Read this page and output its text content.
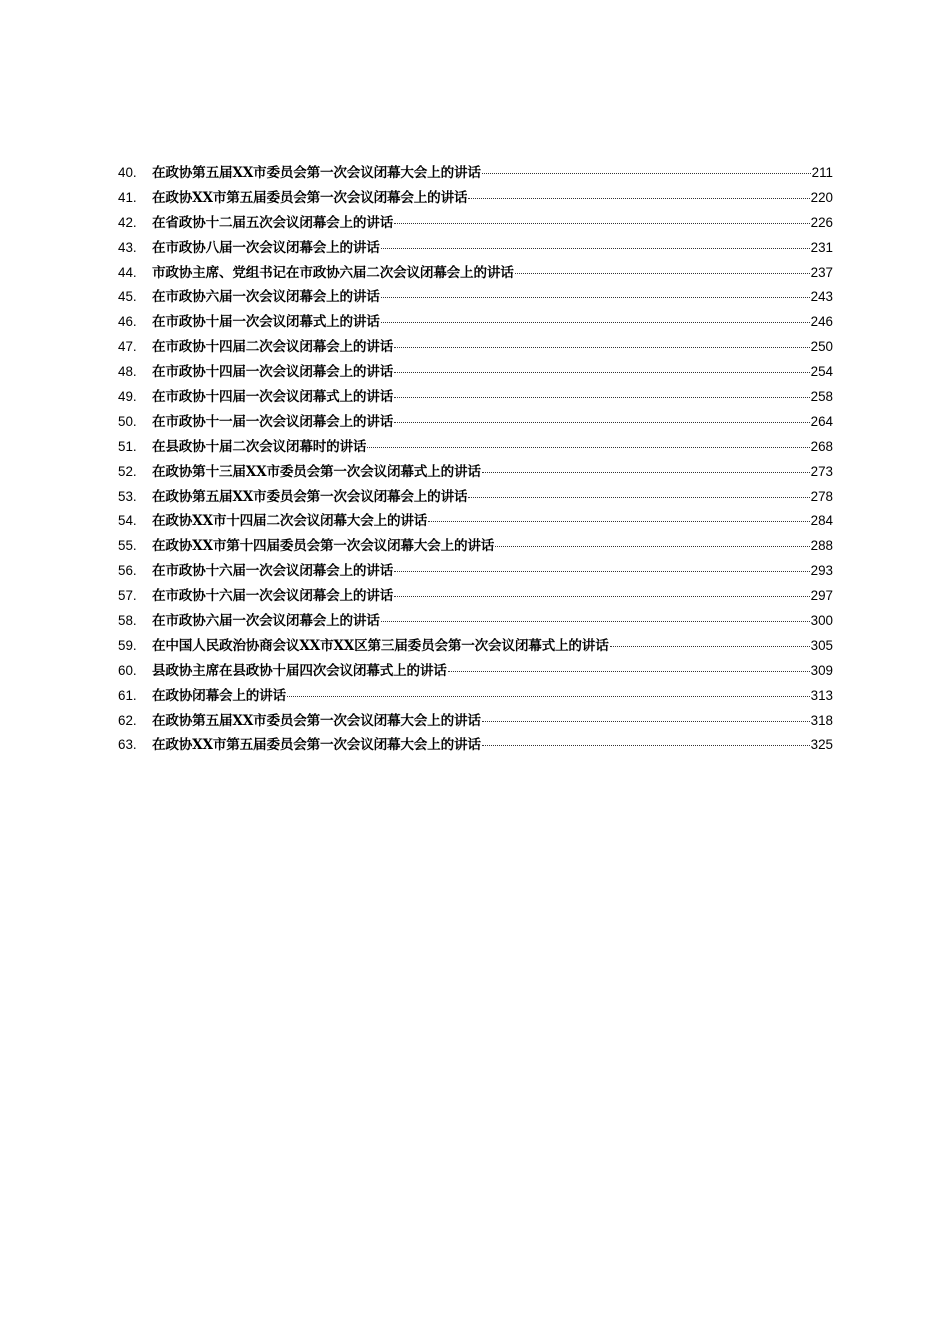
40.	在政协第五届XX市委员会第一次会议闭幕大会上的讲话	211
41.	在政协XX市第五届委员会第一次会议闭幕会上的讲话	220
42.	在省政协十二届五次会议闭幕会上的讲话	226
43.	在市政协八届一次会议闭幕会上的讲话	231
44.	市政协主席、党组书记在市政协六届二次会议闭幕会上的讲话	237
45.	在市政协六届一次会议闭幕会上的讲话	243
46.	在市政协十届一次会议闭幕式上的讲话	246
47.	在市政协十四届二次会议闭幕会上的讲话	250
48.	在市政协十四届一次会议闭幕会上的讲话	254
49.	在市政协十四届一次会议闭幕式上的讲话	258
50.	在市政协十一届一次会议闭幕会上的讲话	264
51.	在县政协十届二次会议闭幕时的讲话	268
52.	在政协第十三届XX市委员会第一次会议闭幕式上的讲话	273
53.	在政协第五届XX市委员会第一次会议闭幕会上的讲话	278
54.	在政协XX市十四届二次会议闭幕大会上的讲话	284
55.	在政协XX市第十四届委员会第一次会议闭幕大会上的讲话	288
56.	在市政协十六届一次会议闭幕会上的讲话	293
57.	在市政协十六届一次会议闭幕会上的讲话	297
58.	在市政协六届一次会议闭幕会上的讲话	300
59.	在中国人民政治协商会议XX市XX区第三届委员会第一次会议闭幕式上的讲话	305
60.	县政协主席在县政协十届四次会议闭幕式上的讲话	309
61.	在政协闭幕会上的讲话	313
62.	在政协第五届XX市委员会第一次会议闭幕大会上的讲话	318
63.	在政协XX市第五届委员会第一次会议闭幕大会上的讲话	325
